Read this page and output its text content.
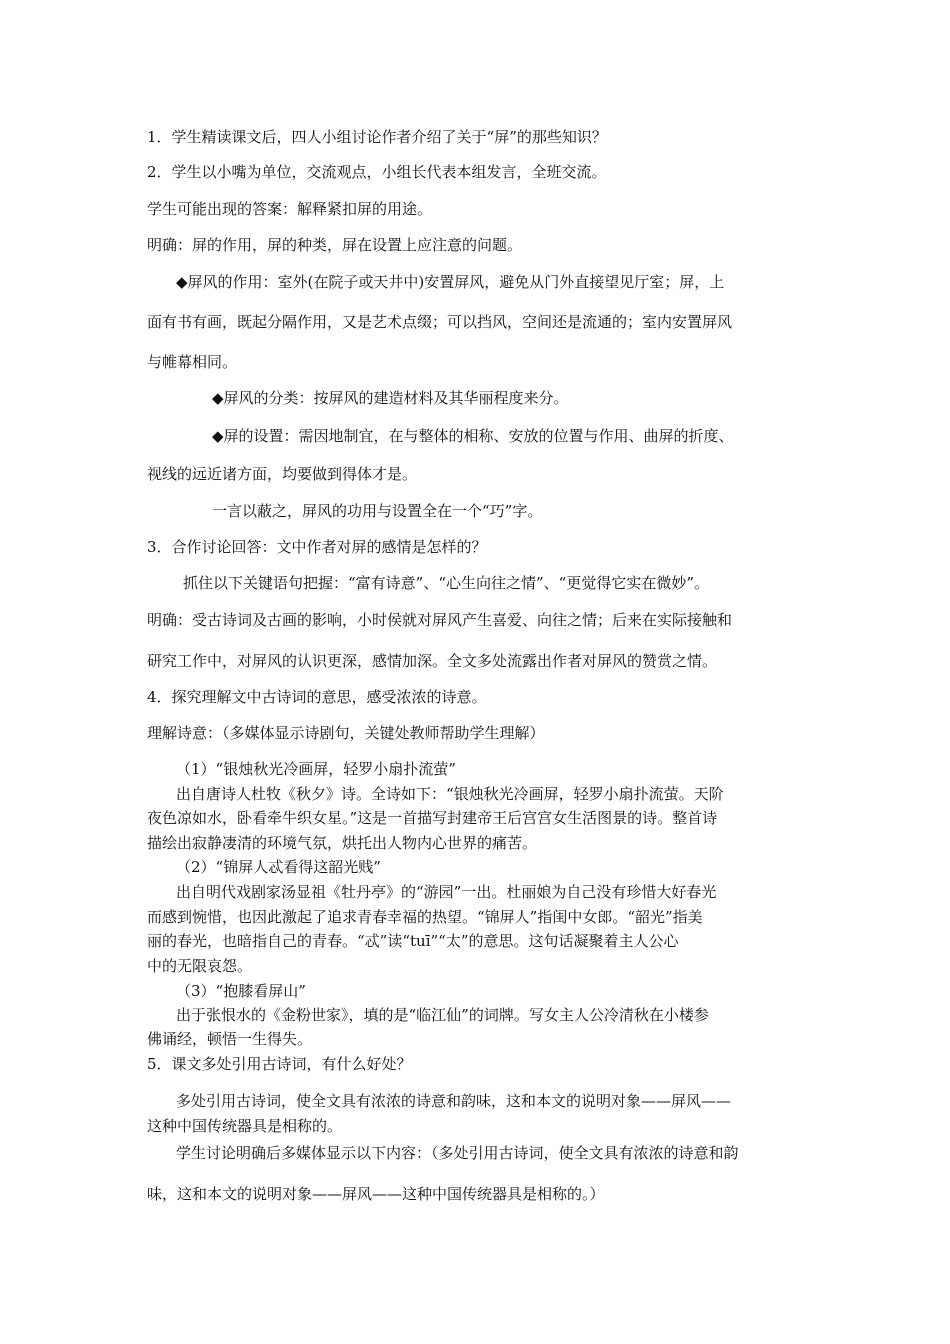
1．学生精读课文后，四人小组讨论作者介绍了关于“屏”的那些知识？
2．学生以小嘴为单位，交流观点，小组长代表本组发言，全班交流。
学生可能出现的答案：解释紧扣屏的用途。
明确：屏的作用，屏的种类，屏在设置上应注意的问题。
◆屏风的作用：室外(在院子或天井中)安置屏风，避免从门外直接望见厅室；屏，上
面有书有画，既起分隔作用，又是艺术点缀；可以挡风，空间还是流通的；室内安置屏风
与帷幕相同。
◆屏风的分类：按屏风的建造材料及其华丽程度来分。
◆屏的设置：需因地制宜，在与整体的相称、安放的位置与作用、曲屏的折度、
视线的远近诸方面，均要做到得体才是。
一言以蔽之，屏风的功用与设置全在一个“巧”字。
3．合作讨论回答：文中作者对屏的感情是怎样的？
抓住以下关键语句把握：“富有诗意”、“心生向往之情”、“更觉得它实在微妙”。
明确：受古诗词及古画的影响，小时侯就对屏风产生喜爱、向往之情；后来在实际接触和
研究工作中，对屏风的认识更深，感情加深。全文多处流露出作者对屏风的赞赏之情。
4．探究理解文中古诗词的意思，感受浓浓的诗意。
理解诗意：（多媒体显示诗剧句，关键处教师帮助学生理解）
（1）“银烛秋光冷画屏，轻罗小扇扑流萤”
出自唐诗人杜牧《秋夕》诗。全诗如下：“银烛秋光冷画屏，轻罗小扇扑流萤。天阶
夜色凉如水，卧看牵牛织女星。”这是一首描写封建帝王后宫宫女生活图景的诗。整首诗
描绘出寂静凄清的环境气氛，烘托出人物内心世界的痛苦。
（2）“锦屏人忒看得这韶光贱”
出自明代戏剧家汤显祖《牡丹亭》的“游园”一出。杜丽娘为自己没有珍惜大好春光
而感到惋惜，也因此激起了追求青春幸福的热望。“锦屏人”指闺中女郎。“韶光”指美
丽的春光，也暗指自己的青春。“忒”读“tuī”“太”的意思。这句话凝聚着主人公心
中的无限哀怨。
（3）“抱膝看屏山”
出于张恨水的《金粉世家》，填的是“临江仙”的词牌。写女主人公冷清秋在小楼参
佛诵经，顿悟一生得失。
5．课文多处引用古诗词，有什么好处？
多处引用古诗词，使全文具有浓浓的诗意和韵味，这和本文的说明对象——屏风——
这种中国传统器具是相称的。
学生讨论明确后多媒体显示以下内容：（多处引用古诗词，使全文具有浓浓的诗意和韵
味，这和本文的说明对象——屏风——这种中国传统器具是相称的。）
